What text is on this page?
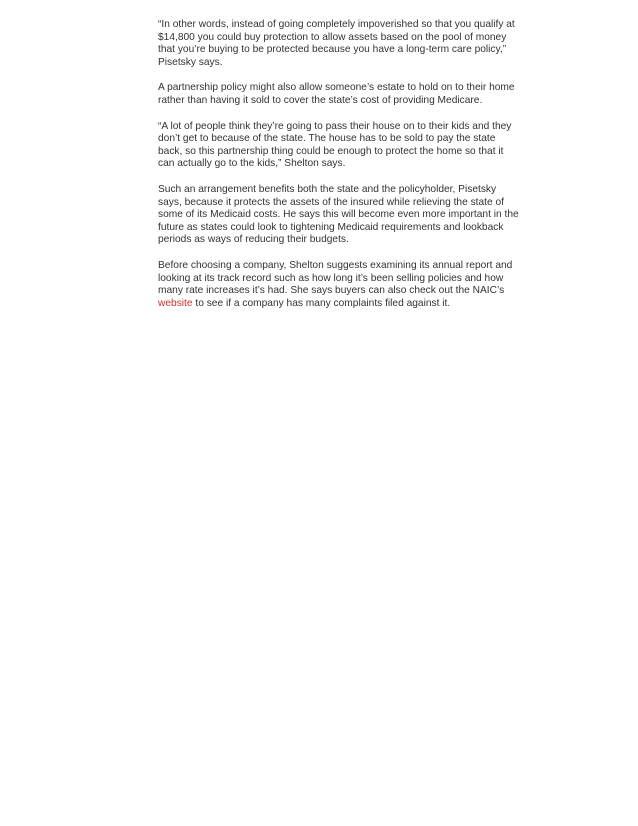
“In other words, instead of going completely impoverished so that you qualify at $14,800 you could buy protection to allow assets based on the pool of money that you’re buying to be protected because you have a long-term care policy,” Pisetsky says.

A partnership policy might also allow someone’s estate to hold on to their home rather than having it sold to cover the state’s cost of providing Medicare.

“A lot of people think they’re going to pass their house on to their kids and they don’t get to because of the state. The house has to be sold to pay the state back, so this partnership thing could be enough to protect the home so that it can actually go to the kids,” Shelton says.

Such an arrangement benefits both the state and the policyholder, Pisetsky says, because it protects the assets of the insured while relieving the state of some of its Medicaid costs. He says this will become even more important in the future as states could look to tightening Medicaid requirements and lookback periods as ways of reducing their budgets.

Before choosing a company, Shelton suggests examining its annual report and looking at its track record such as how long it’s been selling policies and how many rate increases it’s had. She says buyers can also check out the NAIC’s website to see if a company has many complaints filed against it.
